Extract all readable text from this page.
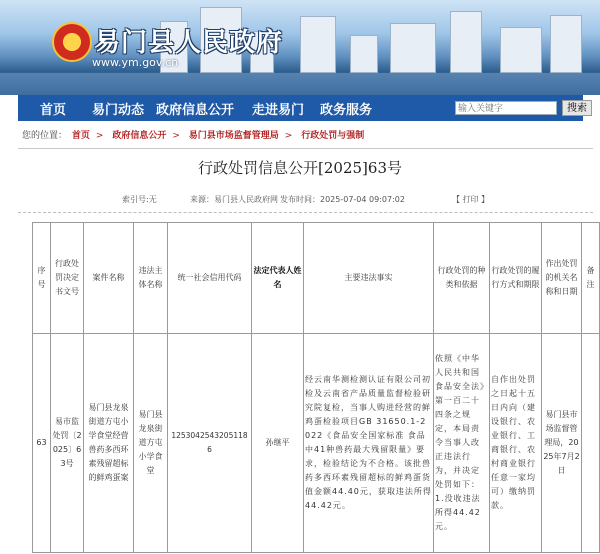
★ 易门县人民政府
www.ym.gov.cn
首页 易门动态 政府信息公开 走进易门 政务服务
输入关键字	搜索
您的位置： 首页 > 政府信息公开 > 易门县市场监督管理局 > 行政处罚与强制
行政处罚信息公开[2025]63号
索引号:无	来源：易门县人民政府网 发布时间：2025-07-04 09:07:02	【 打印 】
序号	行政处罚决定书文号	案件名称	违法主体名称	统一社会信用代码	法定代表人姓名	主要违法事实	行政处罚的种类和依据	行政处罚的履行方式和期限	作出处罚的机关名称和日期	备注
63	易市监处罚〔2025〕63号	易门县龙泉街道方屯小学食堂经营兽药多西环素残留超标的鲜鸡蛋案	易门县龙泉街道方屯小学食堂	12530425432051186	孙继平	经云南华测检测认证有限公司初检及云南省产品质量监督检验研究院复检，当事人购进经营的鲜鸡蛋检验项目GB 31650.1-2022《食品安全国家标准 食品中41种兽药最大残留限量》要求，检验结论为不合格。该批兽药多西环素残留超标的鲜鸡蛋货值金额44.40元，获取违法所得44.42元。	依照《中华人民共和国食品安全法》第一百二十四条之规定，本局责令当事人改正违法行为，并决定处罚如下：1.没收违法所得44.42元。	自作出处罚之日起十五日内向（建设银行、农业银行、工商银行、农村商业银行任意一家均可）缴纳罚款。	易门县市场监督管理局，2025年7月2日	
